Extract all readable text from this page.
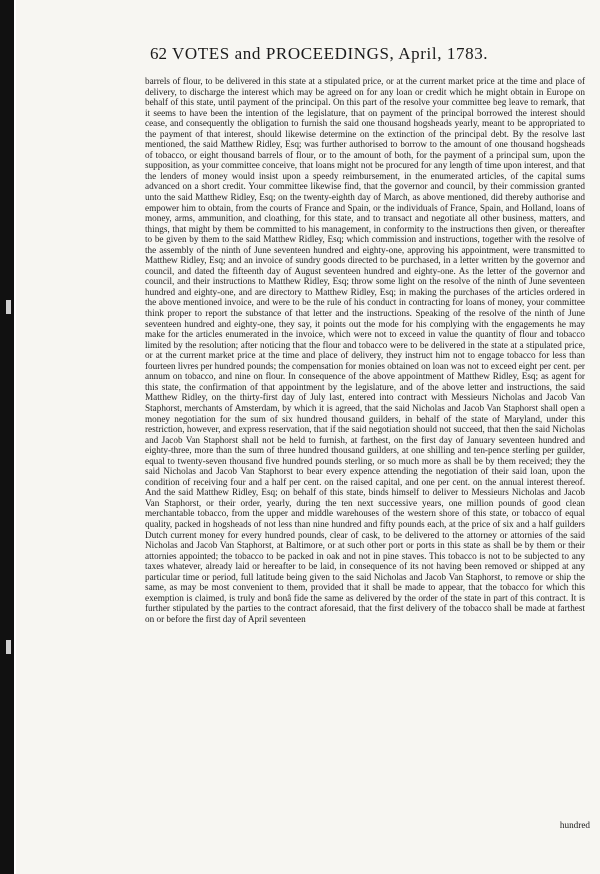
62 VOTES and PROCEEDINGS, April, 1783.

barrels of flour, to be delivered in this state at a stipulated price, or at the current market price at the time and place of delivery, to discharge the interest which may be agreed on for any loan or credit which he might obtain in Europe on behalf of this state, until payment of the principal. On this part of the resolve your committee beg leave to remark, that it seems to have been the intention of the legislature, that on payment of the principal borrowed the interest should cease, and consequently the obligation to furnish the said one thousand hogsheads yearly, meant to be appropriated to the payment of that interest, should likewise determine on the extinction of the principal debt. By the resolve last mentioned, the said Matthew Ridley, Esq; was further authorised to borrow to the amount of one thousand hogsheads of tobacco, or eight thousand barrels of flour, or to the amount of both, for the payment of a principal sum, upon the supposition, as your committee conceive, that loans might not be procured for any length of time upon interest, and that the lenders of money would insist upon a speedy reimbursement, in the enumerated articles, of the capital sums advanced on a short credit. Your committee likewise find, that the governor and council, by their commission granted unto the said Matthew Ridley, Esq; on the twenty-eighth day of March, as above mentioned, did thereby authorise and empower him to obtain, from the courts of France and Spain, or the individuals of France, Spain, and Holland, loans of money, arms, ammunition, and cloathing, for this state, and to transact and negotiate all other business, matters, and things, that might by them be committed to his management, in conformity to the instructions then given, or thereafter to be given by them to the said Matthew Ridley, Esq; which commission and instructions, together with the resolve of the assembly of the ninth of June seventeen hundred and eighty-one, approving his appointment, were transmitted to Matthew Ridley, Esq; and an invoice of sundry goods directed to be purchased, in a letter written by the governor and council, and dated the fifteenth day of August seventeen hundred and eighty-one. As the letter of the governor and council, and their instructions to Matthew Ridley, Esq; throw some light on the resolve of the ninth of June seventeen hundred and eighty-one, and are directory to Matthew Ridley, Esq; in making the purchases of the articles ordered in the above mentioned invoice, and were to be the rule of his conduct in contracting for loans of money, your committee think proper to report the substance of that letter and the instructions. Speaking of the resolve of the ninth of June seventeen hundred and eighty-one, they say, it points out the mode for his complying with the engagements he may make for the articles enumerated in the invoice, which were not to exceed in value the quantity of flour and tobacco limited by the resolution; after noticing that the flour and tobacco were to be delivered in the state at a stipulated price, or at the current market price at the time and place of delivery, they instruct him not to engage tobacco for less than fourteen livres per hundred pounds; the compensation for monies obtained on loan was not to exceed eight per cent. per annum on tobacco, and nine on flour. In consequence of the above appointment of Matthew Ridley, Esq; as agent for this state, the confirmation of that appointment by the legislature, and of the above letter and instructions, the said Matthew Ridley, on the thirty-first day of July last, entered into contract with Messieurs Nicholas and Jacob Van Staphorst, merchants of Amsterdam, by which it is agreed, that the said Nicholas and Jacob Van Staphorst shall open a money negotiation for the sum of six hundred thousand guilders, in behalf of the state of Maryland, under this restriction, however, and express reservation, that if the said negotiation should not succeed, that then the said Nicholas and Jacob Van Staphorst shall not be held to furnish, at farthest, on the first day of January seventeen hundred and eighty-three, more than the sum of three hundred thousand guilders, at one shilling and ten-pence sterling per guilder, equal to twenty-seven thousand five hundred pounds sterling, or so much more as shall be by them received; they the said Nicholas and Jacob Van Staphorst to bear every expence attending the negotiation of their said loan, upon the condition of receiving four and a half per cent. on the raised capital, and one per cent. on the annual interest thereof. And the said Matthew Ridley, Esq; on behalf of this state, binds himself to deliver to Messieurs Nicholas and Jacob Van Staphorst, or their order, yearly, during the ten next successive years, one million pounds of good clean merchantable tobacco, from the upper and middle warehouses of the western shore of this state, or tobacco of equal quality, packed in hogsheads of not less than nine hundred and fifty pounds each, at the price of six and a half guilders Dutch current money for every hundred pounds, clear of cask, to be delivered to the attorney or attornies of the said Nicholas and Jacob Van Staphorst, at Baltimore, or at such other port or ports in this state as shall be by them or their attornies appointed; the tobacco to be packed in oak and not in pine staves. This tobacco is not to be subjected to any taxes whatever, already laid or hereafter to be laid, in consequence of its not having been removed or shipped at any particular time or period, full latitude being given to the said Nicholas and Jacob Van Staphorst, to remove or ship the same, as may be most convenient to them, provided that it shall be made to appear, that the tobacco for which this exemption is claimed, is truly and bonâ fide the same as delivered by the order of the state in part of this contract. It is further stipulated by the parties to the contract aforesaid, that the first delivery of the tobacco shall be made at farthest on or before the first day of April seventeen

hundred
